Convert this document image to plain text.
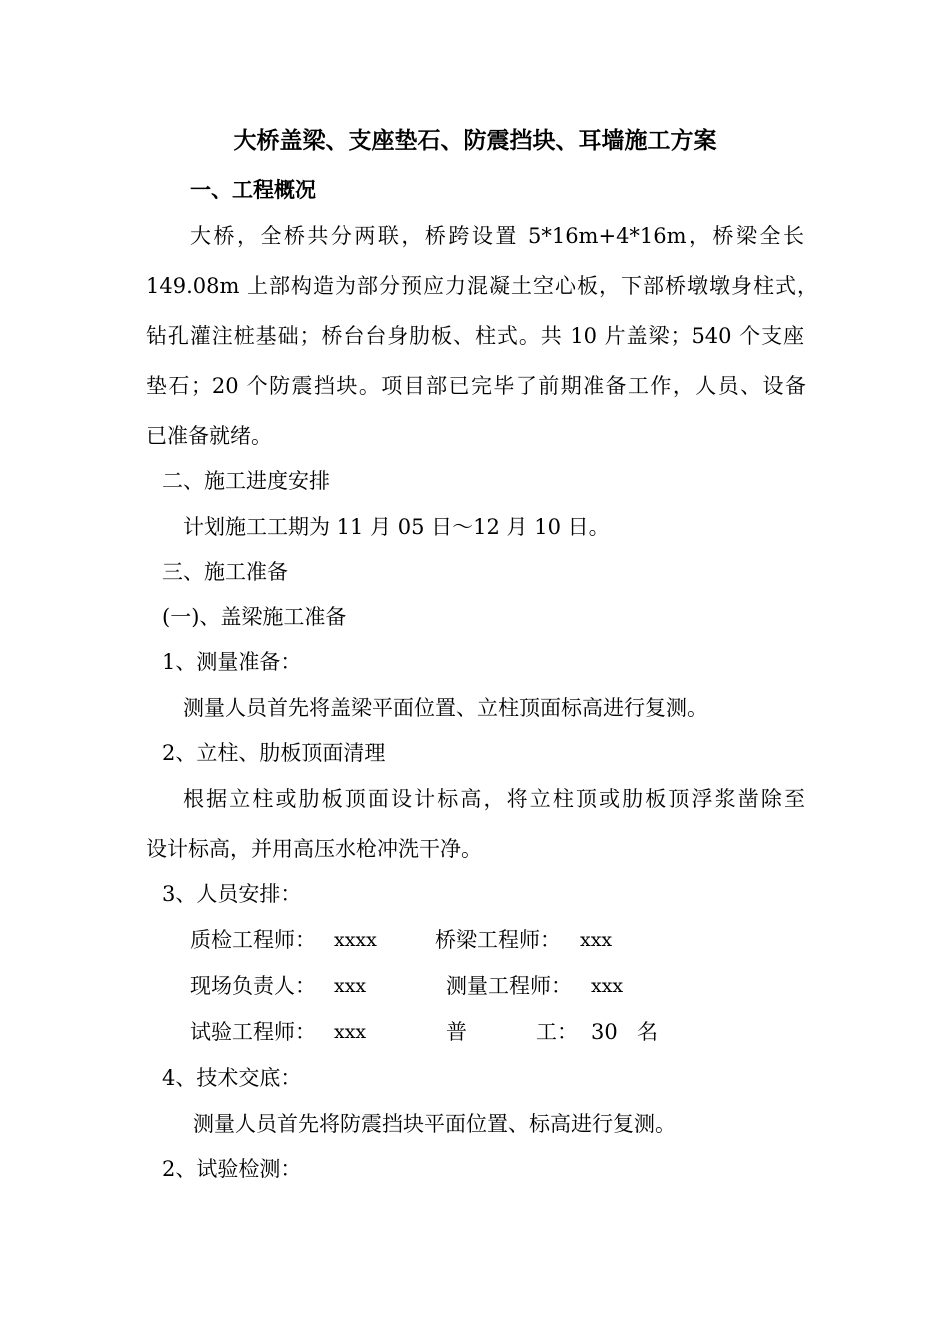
大桥盖梁、支座垫石、防震挡块、耳墙施工方案
一、工程概况
大桥，全桥共分两联，桥跨设置 5*16m+4*16m，桥梁全长
149.08m 上部构造为部分预应力混凝土空心板，下部桥墩墩身柱式，
钻孔灌注桩基础；桥台台身肋板、柱式。共 10 片盖梁；540 个支座
垫石；20 个防震挡块。项目部已完毕了前期准备工作，人员、设备
已准备就绪。
二、施工进度安排
计划施工工期为 11 月 05 日～12 月 10 日。
三、施工准备
(一)、盖梁施工准备
1、测量准备：
测量人员首先将盖梁平面位置、立柱顶面标高进行复测。
2、立柱、肋板顶面清理
根据立柱或肋板顶面设计标高，将立柱顶或肋板顶浮浆凿除至
设计标高，并用高压水枪冲洗干净。
3、人员安排：
质检工程师： xxxx	桥梁工程师： xxx
现场负责人： xxx	测量工程师： xxx
试验工程师： xxx	普	工： 30 名
4、技术交底：
测量人员首先将防震挡块平面位置、标高进行复测。
2、试验检测：
